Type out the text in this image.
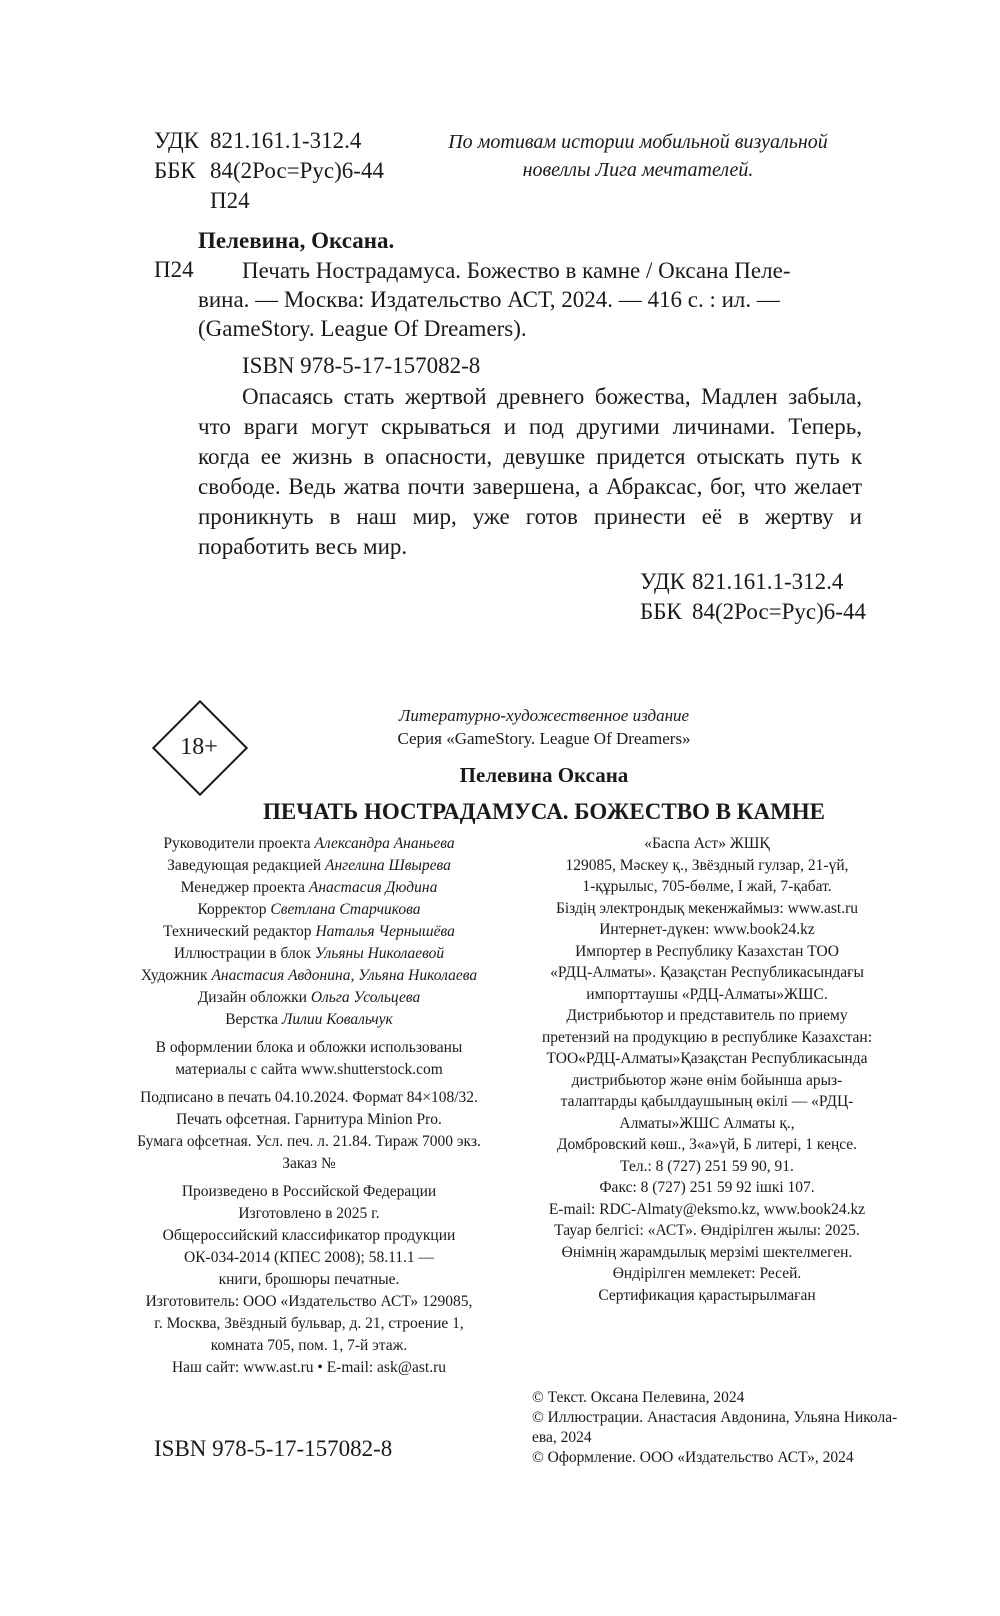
УДК 821.161.1-312.4
ББК 84(2Рос=Рус)6-44
П24
По мотивам истории мобильной визуальной
новеллы Лига мечтателей.
Пелевина, Оксана.
П24	Печать Нострадамуса. Божество в камне / Оксана Пеле-

вина. — Москва: Издательство АСТ, 2024. — 416 с. : ил. —

(GameStory. League Of Dreamers).

ISBN 978-5-17-157082-8

Опасаясь стать жертвой древнего божества, Мадлен забыла, что враги могут скрываться и под другими личинами. Теперь, когда ее жизнь в опасности, девушке придется отыскать путь к свободе. Ведь жатва почти завершена, а Абраксас, бог, что желает проникнуть в наш мир, уже готов принести её в жертву и поработить весь мир.

УДК 821.161.1-312.4
ББК 84(2Рос=Рус)6-44
18+
Литературно-художественное издание
Серия «GameStory. League Of Dreamers»
Пелевина Оксана
ПЕЧАТЬ НОСТРАДАМУСА. БОЖЕСТВО В КАМНЕ
Руководители проекта Александра Ананьева
Заведующая редакцией Ангелина Швырева
Менеджер проекта Анастасия Дюдина
Корректор Светлана Старчикова
Технический редактор Наталья Чернышёва
Иллюстрации в блок Ульяны Николаевой
Художник Анастасия Авдонина, Ульяна Николаева
Дизайн обложки Ольга Усольцева
Верстка Лилии Ковальчук
В оформлении блока и обложки использованы
материалы с сайта www.shutterstock.com
Подписано в печать 04.10.2024. Формат 84×108/32.
Печать офсетная. Гарнитура Minion Pro.
Бумага офсетная. Усл. печ. л. 21.84. Тираж 7000 экз.
Заказ №
Произведено в Российской Федерации
Изготовлено в 2025 г.
Общероссийский классификатор продукции
ОК-034-2014 (КПЕС 2008); 58.11.1 —
книги, брошюры печатные.
Изготовитель: ООО «Издательство АСТ» 129085,
г. Москва, Звёздный бульвар, д. 21, строение 1,
комната 705, пом. 1, 7-й этаж.
Наш сайт: www.ast.ru • E-mail: ask@ast.ru
«Баспа Аст» ЖШҚ
129085, Мәскеу қ., Звёздный гулзар, 21-үй,
1-құрылыс, 705-бөлме, I жай, 7-қабат.
Біздің электрондық мекенжаймыз: www.ast.ru
Интернет-дүкен: www.book24.kz
Импортер в Республику Казахстан ТОО
«РДЦ-Алматы». Қазақстан Республикасындағы
импорттаушы «РДЦ-Алматы»ЖШС.
Дистрибьютор и представитель по приему
претензий на продукцию в республике Казахстан:
ТОО«РДЦ-Алматы»Қазақстан Республикасында
дистрибьютор және өнім бойынша арыз-
талаптарды қабылдаушының өкілі — «РДЦ-
Алматы»ЖШС Алматы қ.,
Домбровский көш., 3«а»үй, Б литері, 1 кеңсе.
Тел.: 8 (727) 251 59 90, 91.
Факс: 8 (727) 251 59 92 ішкі 107.
E-mail: RDC-Almaty@eksmo.kz, www.book24.kz
Тауар белгісі: «АСТ». Өндірілген жылы: 2025.
Өнімнің жарамдылық мерзімі шектелмеген.
Өндірілген мемлекет: Ресей.
Сертификация қарастырылмаған
© Текст. Оксана Пелевина, 2024
© Иллюстрации. Анастасия Авдонина, Ульяна Никола-
ева, 2024
© Оформление. ООО «Издательство АСТ», 2024
ISBN 978-5-17-157082-8
